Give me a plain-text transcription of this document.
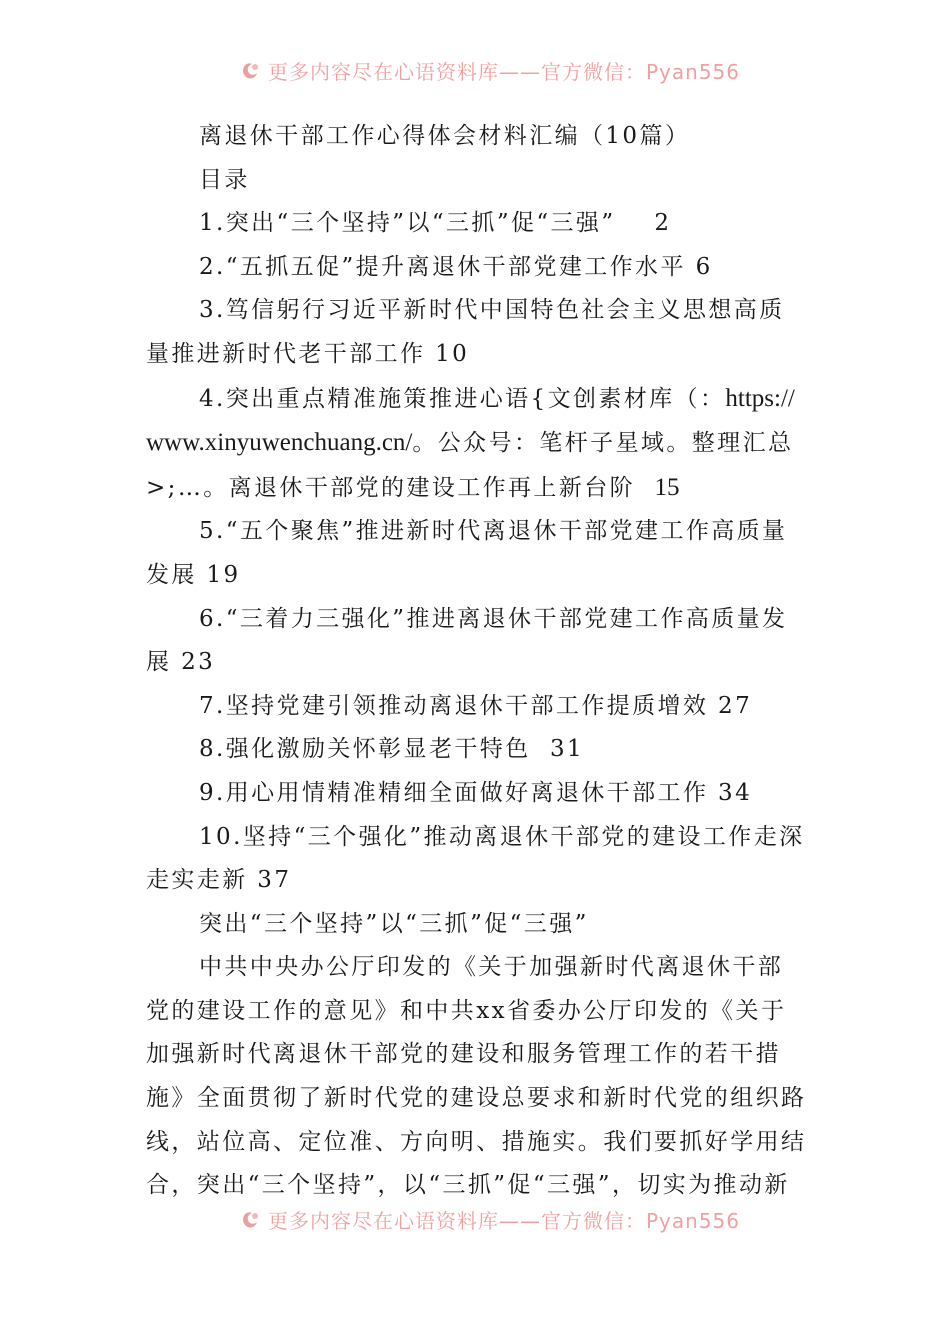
更多内容尽在心语资料库——官方微信：Pyan556

离退休干部工作心得体会材料汇编（10篇）

目录

1.突出“三个坚持”以“三抓”促“三强”    2

2.“五抓五促”提升离退休干部党建工作水平 6

3.笃信躬行习近平新时代中国特色社会主义思想高质量推进新时代老干部工作 10

4.突出重点精准施策推进心语{文创素材库（：https://www.xinyuwenchuang.cn/。公众号：笔杆子星域。整理汇总>;…。离退休干部党的建设工作再上新台阶  15

5.“五个聚焦”推进新时代离退休干部党建工作高质量发展 19

6.“三着力三强化”推进离退休干部党建工作高质量发展 23

7.坚持党建引领推动离退休干部工作提质增效 27

8.强化激励关怀彰显老干特色  31

9.用心用情精准精细全面做好离退休干部工作 34

10.坚持“三个强化”推动离退休干部党的建设工作走深走实走新 37

突出“三个坚持”以“三抓”促“三强”

中共中央办公厅印发的《关于加强新时代离退休干部党的建设工作的意见》和中共xx省委办公厅印发的《关于加强新时代离退休干部党的建设和服务管理工作的若干措施》全面贯彻了新时代党的建设总要求和新时代党的组织路线，站位高、定位准、方向明、措施实。我们要抓好学用结合，突出“三个坚持”，以“三抓”促“三强”，切实为推动新

更多内容尽在心语资料库——官方微信：Pyan556
